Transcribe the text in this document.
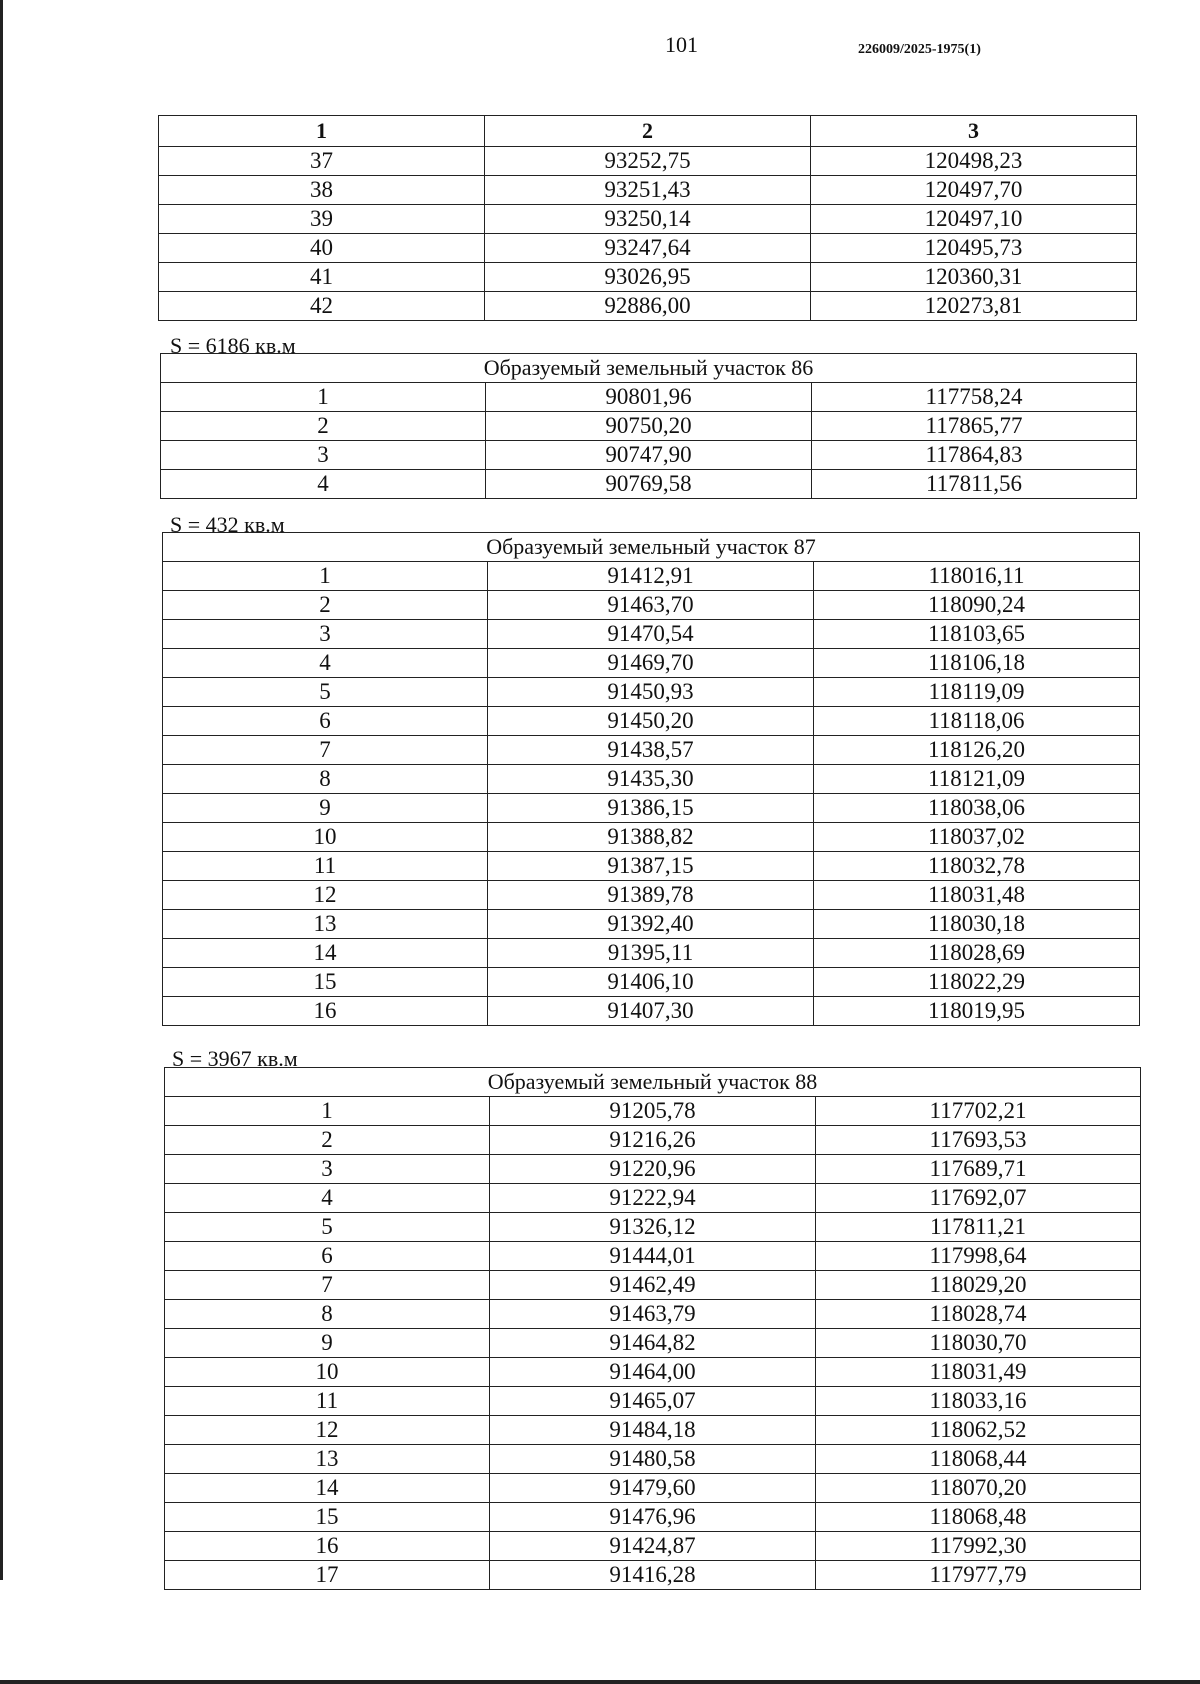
101	226009/2025-1975(1)
1	2	3
37	93252,75	120498,23
38	93251,43	120497,70
39	93250,14	120497,10
40	93247,64	120495,73
41	93026,95	120360,31
42	92886,00	120273,81
S = 6186 кв.м
Образуемый земельный участок 86		
1	90801,96	117758,24
2	90750,20	117865,77
3	90747,90	117864,83
4	90769,58	117811,56
S = 432 кв.м
Образуемый земельный участок 87		
1	91412,91	118016,11
2	91463,70	118090,24
3	91470,54	118103,65
4	91469,70	118106,18
5	91450,93	118119,09
6	91450,20	118118,06
7	91438,57	118126,20
8	91435,30	118121,09
9	91386,15	118038,06
10	91388,82	118037,02
11	91387,15	118032,78
12	91389,78	118031,48
13	91392,40	118030,18
14	91395,11	118028,69
15	91406,10	118022,29
16	91407,30	118019,95
S = 3967 кв.м
Образуемый земельный участок 88		
1	91205,78	117702,21
2	91216,26	117693,53
3	91220,96	117689,71
4	91222,94	117692,07
5	91326,12	117811,21
6	91444,01	117998,64
7	91462,49	118029,20
8	91463,79	118028,74
9	91464,82	118030,70
10	91464,00	118031,49
11	91465,07	118033,16
12	91484,18	118062,52
13	91480,58	118068,44
14	91479,60	118070,20
15	91476,96	118068,48
16	91424,87	117992,30
17	91416,28	117977,79
